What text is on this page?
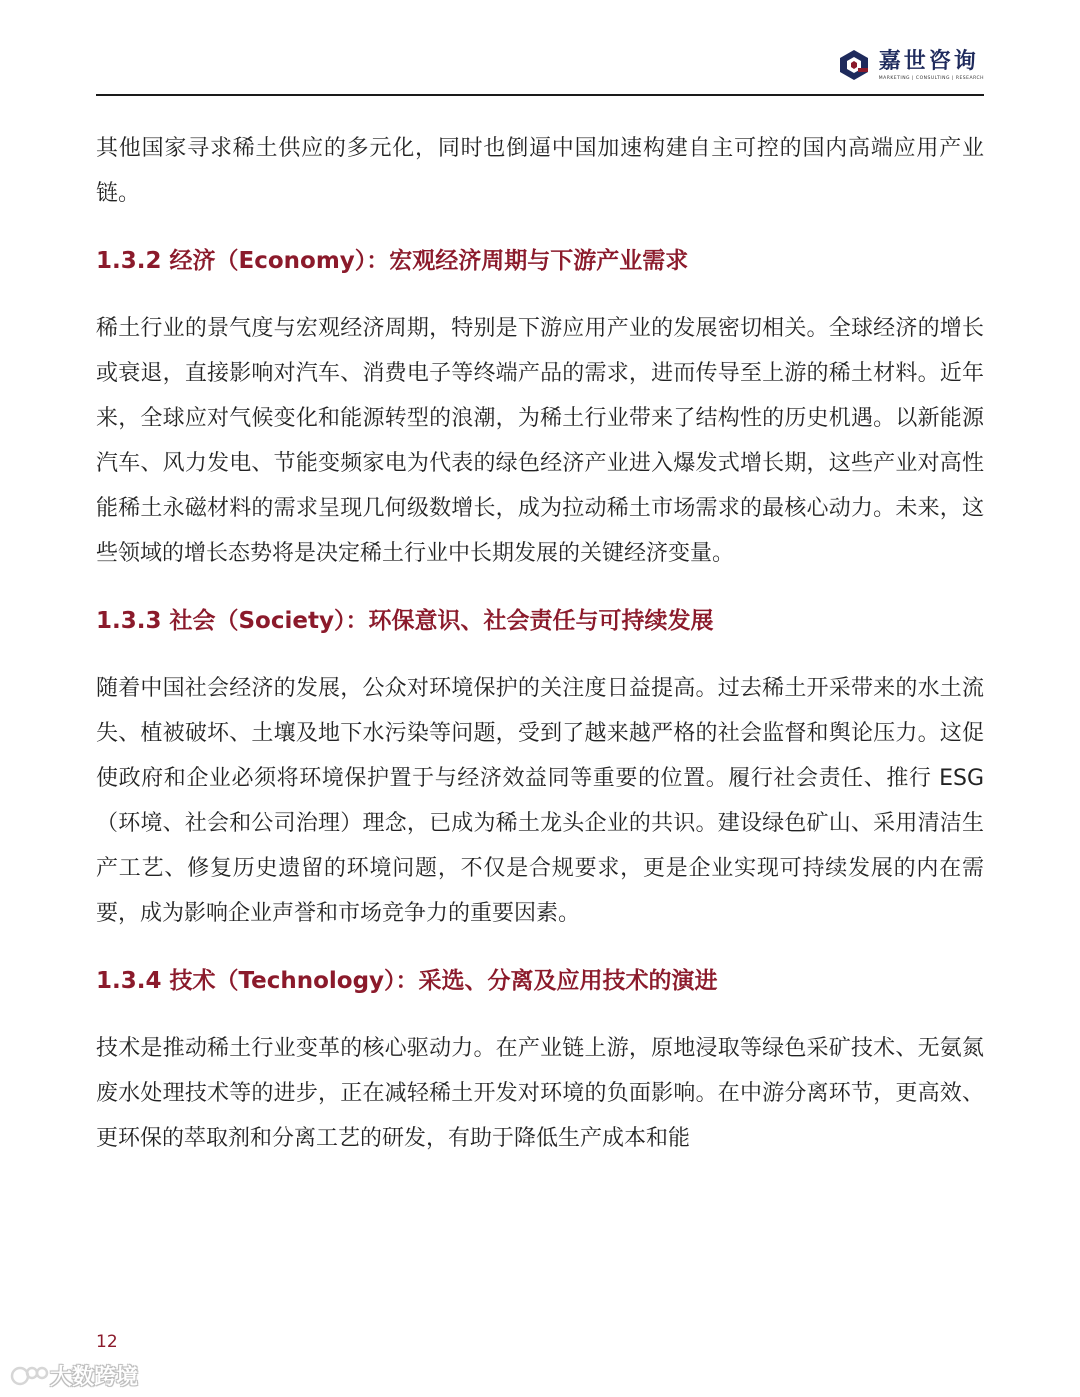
嘉世咨询
MARKETING | CONSULTING | RESEARCH

其他国家寻求稀土供应的多元化，同时也倒逼中国加速构建自主可控的国内高端应用产业链。

1.3.2 经济（Economy）：宏观经济周期与下游产业需求

稀土行业的景气度与宏观经济周期，特别是下游应用产业的发展密切相关。全球经济的增长或衰退，直接影响对汽车、消费电子等终端产品的需求，进而传导至上游的稀土材料。近年来，全球应对气候变化和能源转型的浪潮，为稀土行业带来了结构性的历史机遇。以新能源汽车、风力发电、节能变频家电为代表的绿色经济产业进入爆发式增长期，这些产业对高性能稀土永磁材料的需求呈现几何级数增长，成为拉动稀土市场需求的最核心动力。未来，这些领域的增长态势将是决定稀土行业中长期发展的关键经济变量。

1.3.3 社会（Society）：环保意识、社会责任与可持续发展

随着中国社会经济的发展，公众对环境保护的关注度日益提高。过去稀土开采带来的水土流失、植被破坏、土壤及地下水污染等问题，受到了越来越严格的社会监督和舆论压力。这促使政府和企业必须将环境保护置于与经济效益同等重要的位置。履行社会责任、推行 ESG（环境、社会和公司治理）理念，已成为稀土龙头企业的共识。建设绿色矿山、采用清洁生产工艺、修复历史遗留的环境问题，不仅是合规要求，更是企业实现可持续发展的内在需要，成为影响企业声誉和市场竞争力的重要因素。

1.3.4 技术（Technology）：采选、分离及应用技术的演进

技术是推动稀土行业变革的核心驱动力。在产业链上游，原地浸取等绿色采矿技术、无氨氮废水处理技术等的进步，正在减轻稀土开发对环境的负面影响。在中游分离环节，更高效、更环保的萃取剂和分离工艺的研发，有助于降低生产成本和能

12
大数跨境
